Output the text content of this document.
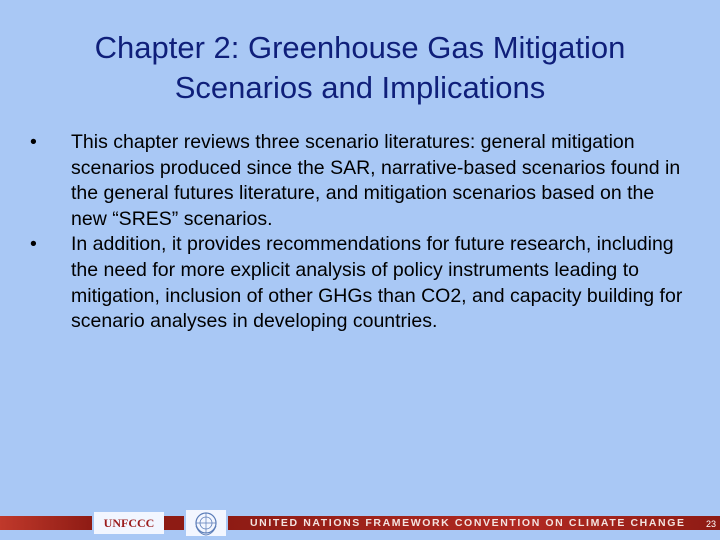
Chapter 2: Greenhouse Gas Mitigation
Scenarios and Implications
•	This chapter reviews three scenario literatures: general mitigation scenarios produced since the SAR, narrative-based scenarios found in the general futures literature, and mitigation scenarios based on the new “SRES” scenarios.
•	In addition, it provides recommendations for future research, including the need for more explicit analysis of policy instruments leading to mitigation, inclusion of other GHGs than CO2, and capacity building for scenario analyses in developing countries.
UNFCCC	UNITED NATIONS FRAMEWORK CONVENTION ON CLIMATE CHANGE	23
